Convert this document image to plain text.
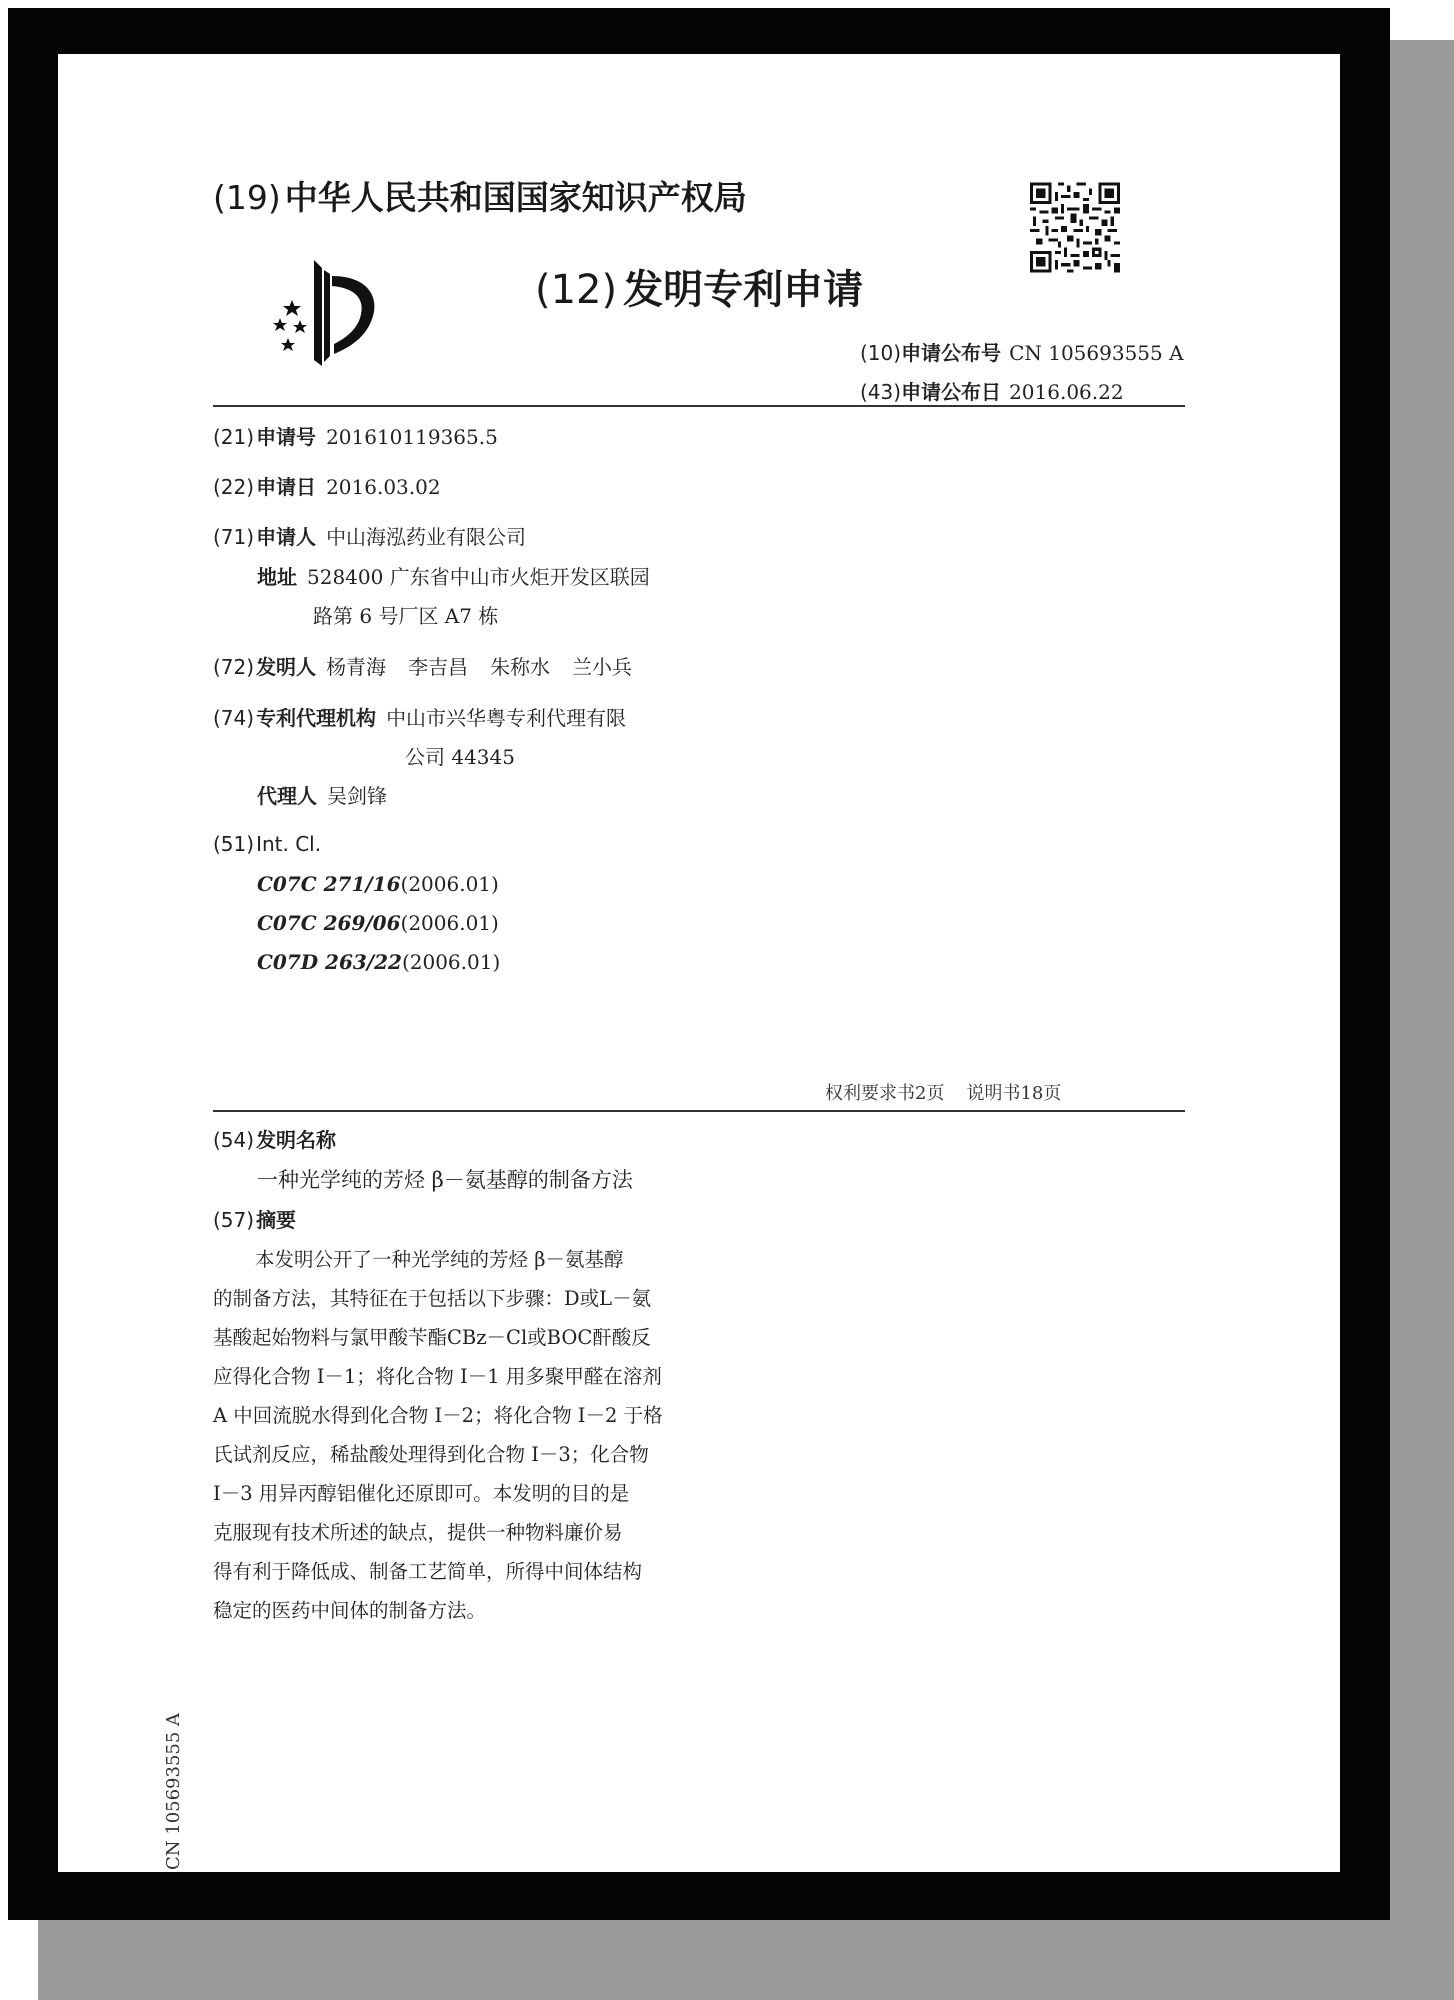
(19) 中华人民共和国国家知识产权局
(12) 发明专利申请
(10)申请公布号 CN 105693555 A
(43)申请公布日 2016.06.22
(21) 申请号 201610119365.5
(22) 申请日 2016.03.02
(71) 申请人 中山海泓药业有限公司
地址 528400 广东省中山市火炬开发区联园
路第 6 号厂区 A7 栋
(72) 发明人 杨青海 李吉昌 朱称水 兰小兵
(74) 专利代理机构 中山市兴华粤专利代理有限
公司 44345
代理人 吴剑锋
(51) Int. Cl.
C07C 271/16(2006.01)
C07C 269/06(2006.01)
C07D 263/22(2006.01)
权利要求书2页 说明书18页
(54) 发明名称
一种光学纯的芳烃 β－氨基醇的制备方法
(57) 摘要
本发明公开了一种光学纯的芳烃 β－氨基醇
的制备方法，其特征在于包括以下步骤：D或L－氨
基酸起始物料与氯甲酸苄酯CBz－Cl或BOC酐酸反
应得化合物 I－1；将化合物 I－1 用多聚甲醛在溶剂
A 中回流脱水得到化合物 I－2；将化合物 I－2 于格
氏试剂反应，稀盐酸处理得到化合物 I－3；化合物
I－3 用异丙醇铝催化还原即可。本发明的目的是
克服现有技术所述的缺点，提供一种物料廉价易
得有利于降低成、制备工艺简单，所得中间体结构
稳定的医药中间体的制备方法。
CN 105693555 A
